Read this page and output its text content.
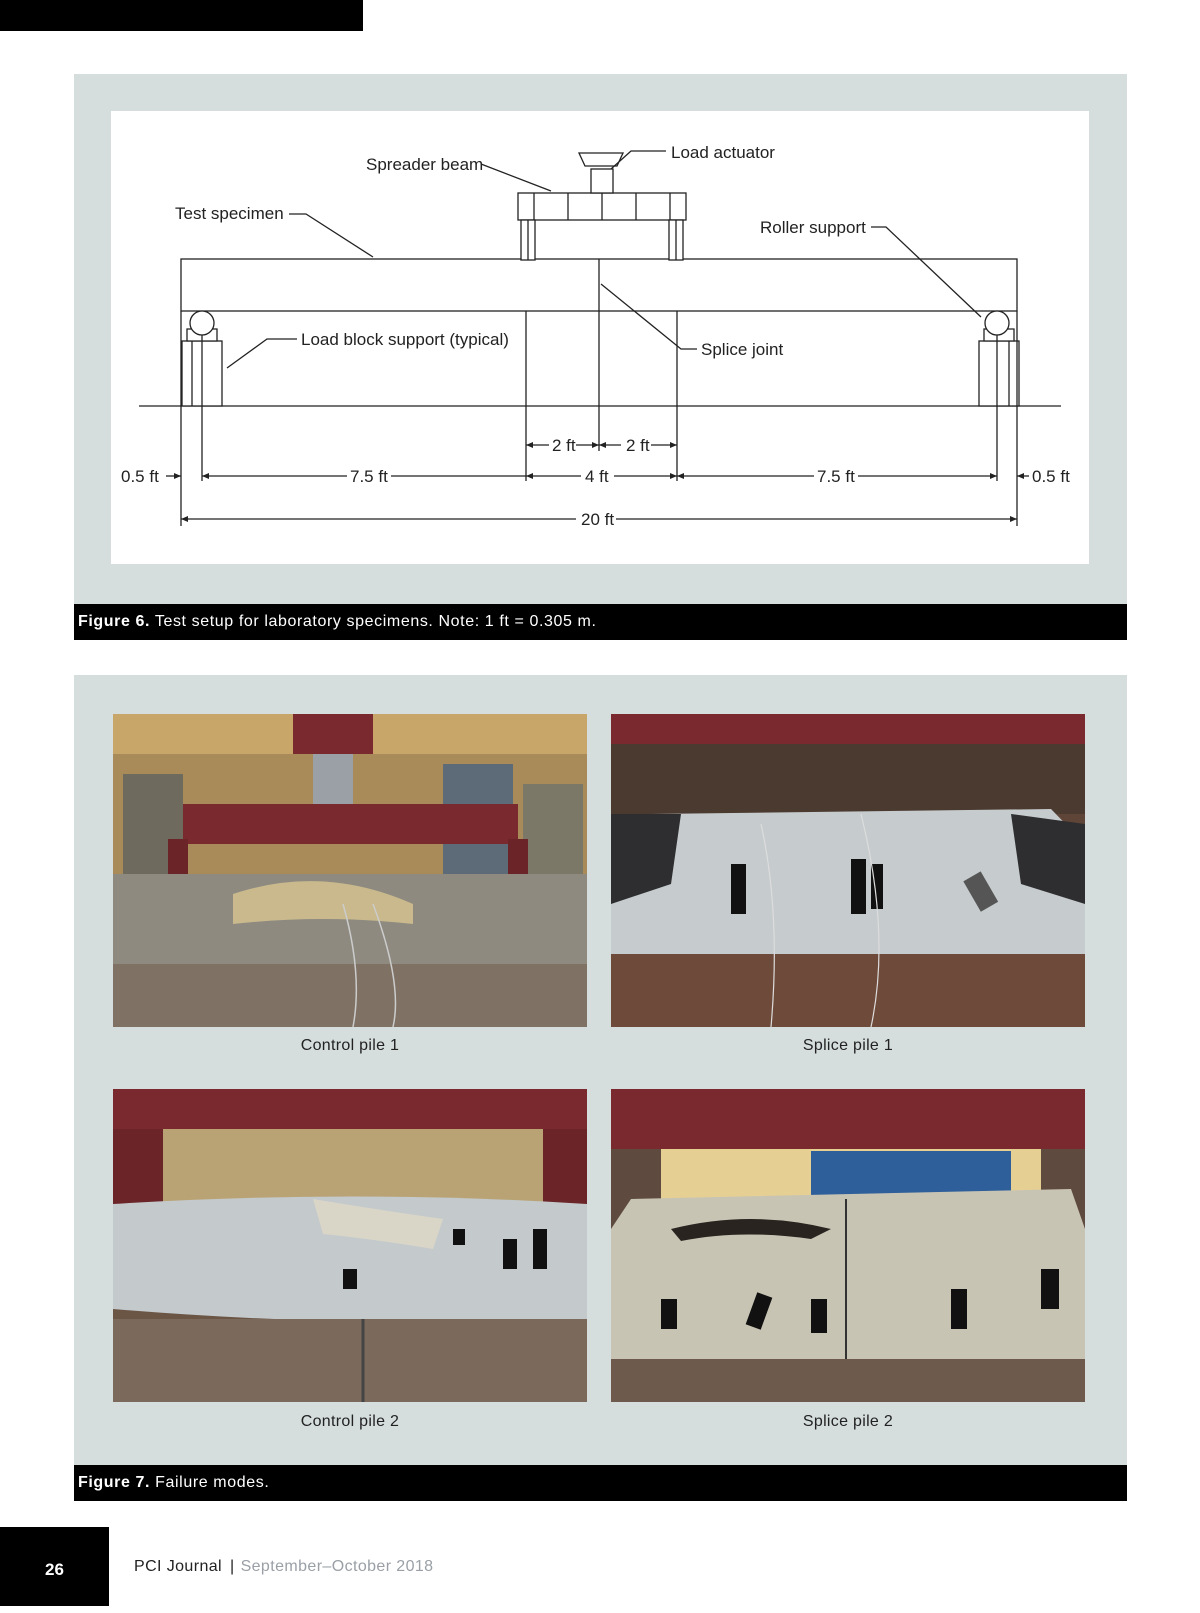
Spreader beam
Load actuator
Test specimen
Roller support
Load block support (typical)
Splice joint
2 ft	2 ft
0.5 ft	7.5 ft	4 ft	7.5 ft	0.5 ft
20 ft
Figure 6. Test setup for laboratory specimens. Note: 1 ft = 0.305 m.
Control pile 1	Splice pile 1
Control pile 2	Splice pile 2
Figure 7. Failure modes.
26	PCI Journal | September–October 2018
